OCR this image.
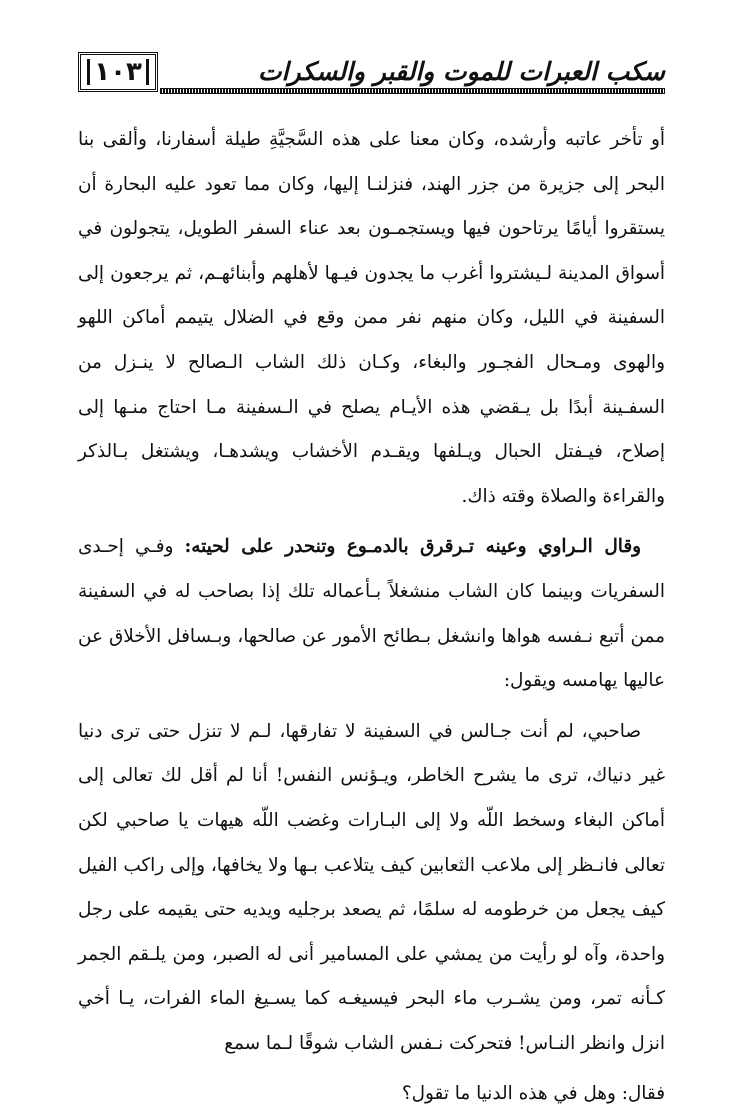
سكب العبرات للموت والقبر والسكرات
١٠٣

أو تأخر عاتبه وأرشده، وكان معنا على هذه السَّجيَّةِ طيلة أسفارنا، وألقى بنا البحر إلى جزيرة من جزر الهند، فنزلنـا إليها، وكان مما تعود عليه البحارة أن يستقروا أيامًا يرتاحون فيها ويستجمـون بعد عناء السفر الطويل، يتجولون في أسواق المدينة لـيشتروا أغرب ما يجدون فيـها لأهلهم وأبنائهـم، ثم يرجعون إلى السفينة في الليل، وكان منهم نفر ممن وقع في الضلال يتيمم أماكن اللهو والهوى ومـحال الفجـور والبغاء، وكـان ذلك الشاب الـصالح لا ينـزل من السفـينة أبدًا بل يـقضي هذه الأيـام يصلح في الـسفينة مـا احتاج منـها إلى إصلاح، فيـفتل الحبال ويـلفها ويقـدم الأخشاب ويشدهـا، ويشتغل بـالذكر والقراءة والصلاة وقته ذاك.

وقال الـراوي وعينه تـرقرق بالدمـوع وتنحدر على لحيته: وفـي إحـدى السفريات وبينما كان الشاب منشغلاً بـأعماله تلك إذا بصاحب له في السفينة ممن أتبع نـفسه هواها وانشغل بـطائح الأمور عن صالحها، وبـسافل الأخلاق عن عاليها يهامسه ويقول:

صاحبي، لم أنت جـالس في السفينة لا تفارقها، لـم لا تنزل حتى ترى دنيا غير دنياك، ترى ما يشرح الخاطر، ويـؤنس النفس! أنا لم أقل لك تعالى إلى أماكن البغاء وسخط اللّه ولا إلى البـارات وغضب اللّه هيهات يا صاحبي لكن تعالى فانـظر إلى ملاعب الثعابين كيف يتلاعب بـها ولا يخافها، وإلى راكب الفيل كيف يجعل من خرطومه له سلمًا، ثم يصعد برجليه ويديه حتى يقيمه على رجل واحدة، وآه لو رأيت من يمشي على المسامير أنى له الصبر، ومن يلـقم الجمر كـأنه تمر، ومن يشـرب ماء البحر فيسيغـه كما يسـيغ الماء الفرات، يـا أخي انزل وانظر النـاس! فتحركت نـفس الشاب شوقًا لـما سمع

فقال: وهل في هذه الدنيا ما تقول؟
